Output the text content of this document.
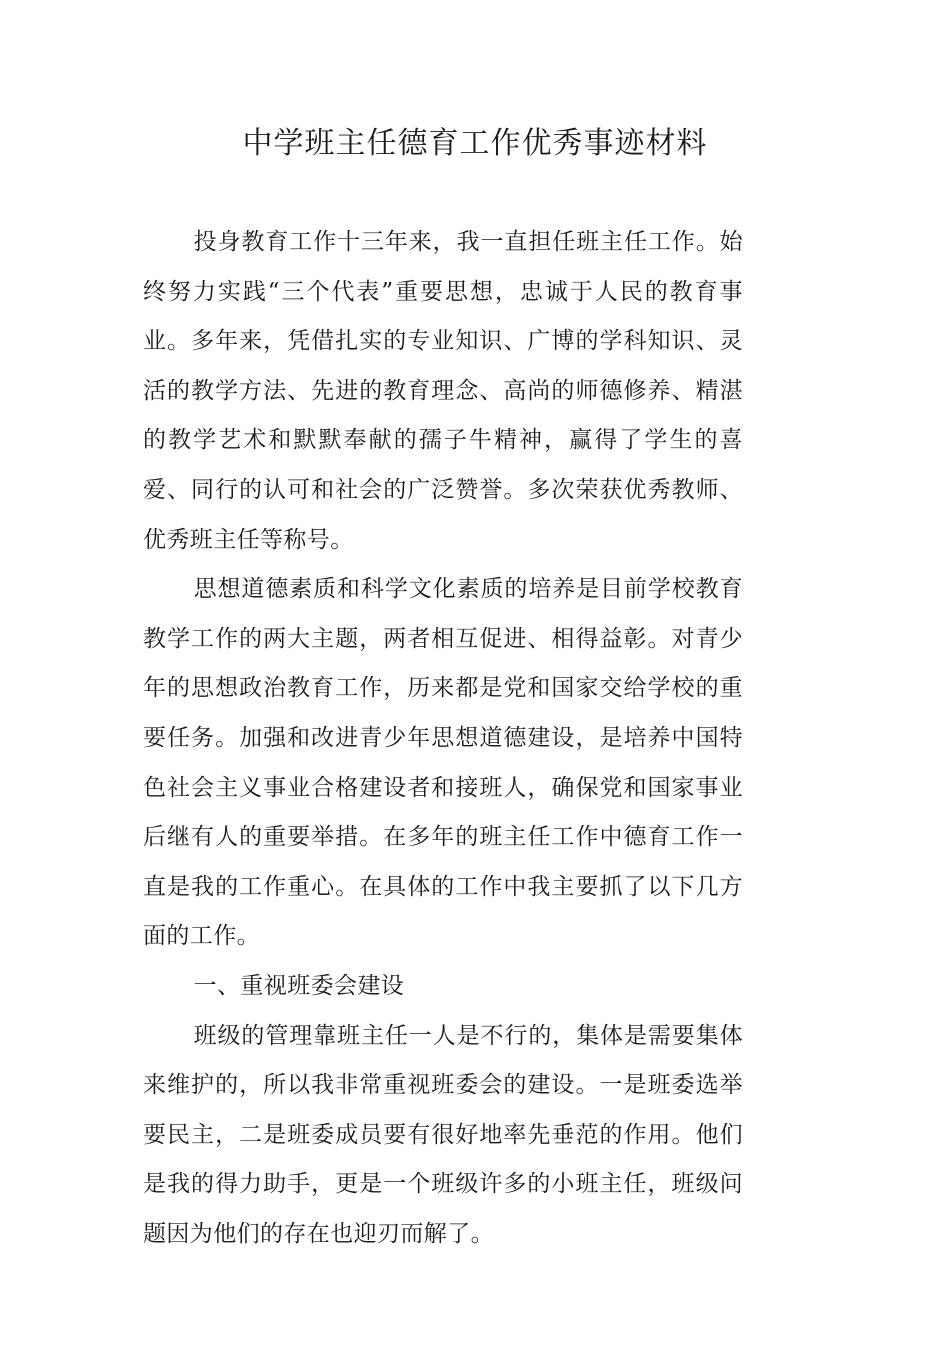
中学班主任德育工作优秀事迹材料

投身教育工作十三年来，我一直担任班主任工作。始终努力实践“三个代表”重要思想，忠诚于人民的教育事业。多年来，凭借扎实的专业知识、广博的学科知识、灵活的教学方法、先进的教育理念、高尚的师德修养、精湛的教学艺术和默默奉献的孺子牛精神，赢得了学生的喜爱、同行的认可和社会的广泛赞誉。多次荣获优秀教师、优秀班主任等称号。

思想道德素质和科学文化素质的培养是目前学校教育教学工作的两大主题，两者相互促进、相得益彰。对青少年的思想政治教育工作，历来都是党和国家交给学校的重要任务。加强和改进青少年思想道德建设，是培养中国特色社会主义事业合格建设者和接班人，确保党和国家事业后继有人的重要举措。在多年的班主任工作中德育工作一直是我的工作重心。在具体的工作中我主要抓了以下几方面的工作。

一、重视班委会建设

班级的管理靠班主任一人是不行的，集体是需要集体来维护的，所以我非常重视班委会的建设。一是班委选举要民主，二是班委成员要有很好地率先垂范的作用。他们是我的得力助手，更是一个班级许多的小班主任，班级问题因为他们的存在也迎刃而解了。
